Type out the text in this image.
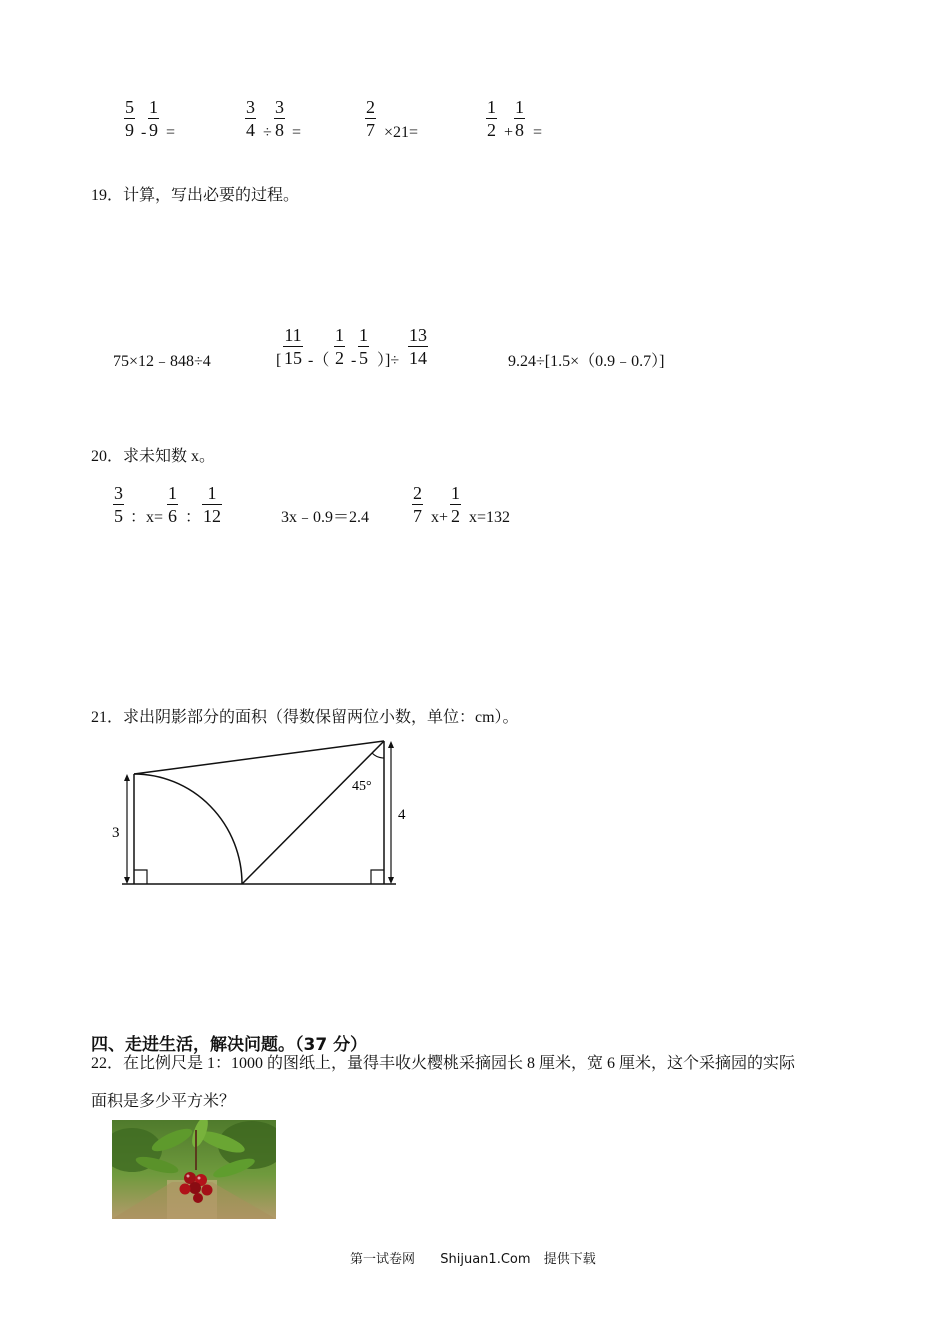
5
9 -
1
9 =
3
4 ÷
3
8 =
2
7 ×21=
1
2 +
1
8 =
19．计算，写出必要的过程。
75×12﹣848÷4	[
11
15 -（
1
2 -
1
5 ）]÷
13
14	9.24÷[1.5×（0.9﹣0.7）]
20．求未知数 x。
3
5 ：x=
1
6 ：
1
12	3x﹣0.9＝2.4
2
7 x+
1
2 x=132
21．求出阴影部分的面积（得数保留两位小数，单位：cm）。
3
4
45°
四、走进生活，解决问题。（37 分）
22．在比例尺是 1：1000 的图纸上，量得丰收火樱桃采摘园长 8 厘米，宽 6 厘米，这个采摘园的实际
面积是多少平方米？
第一试卷网 Shijuan1.Com 提供下载
